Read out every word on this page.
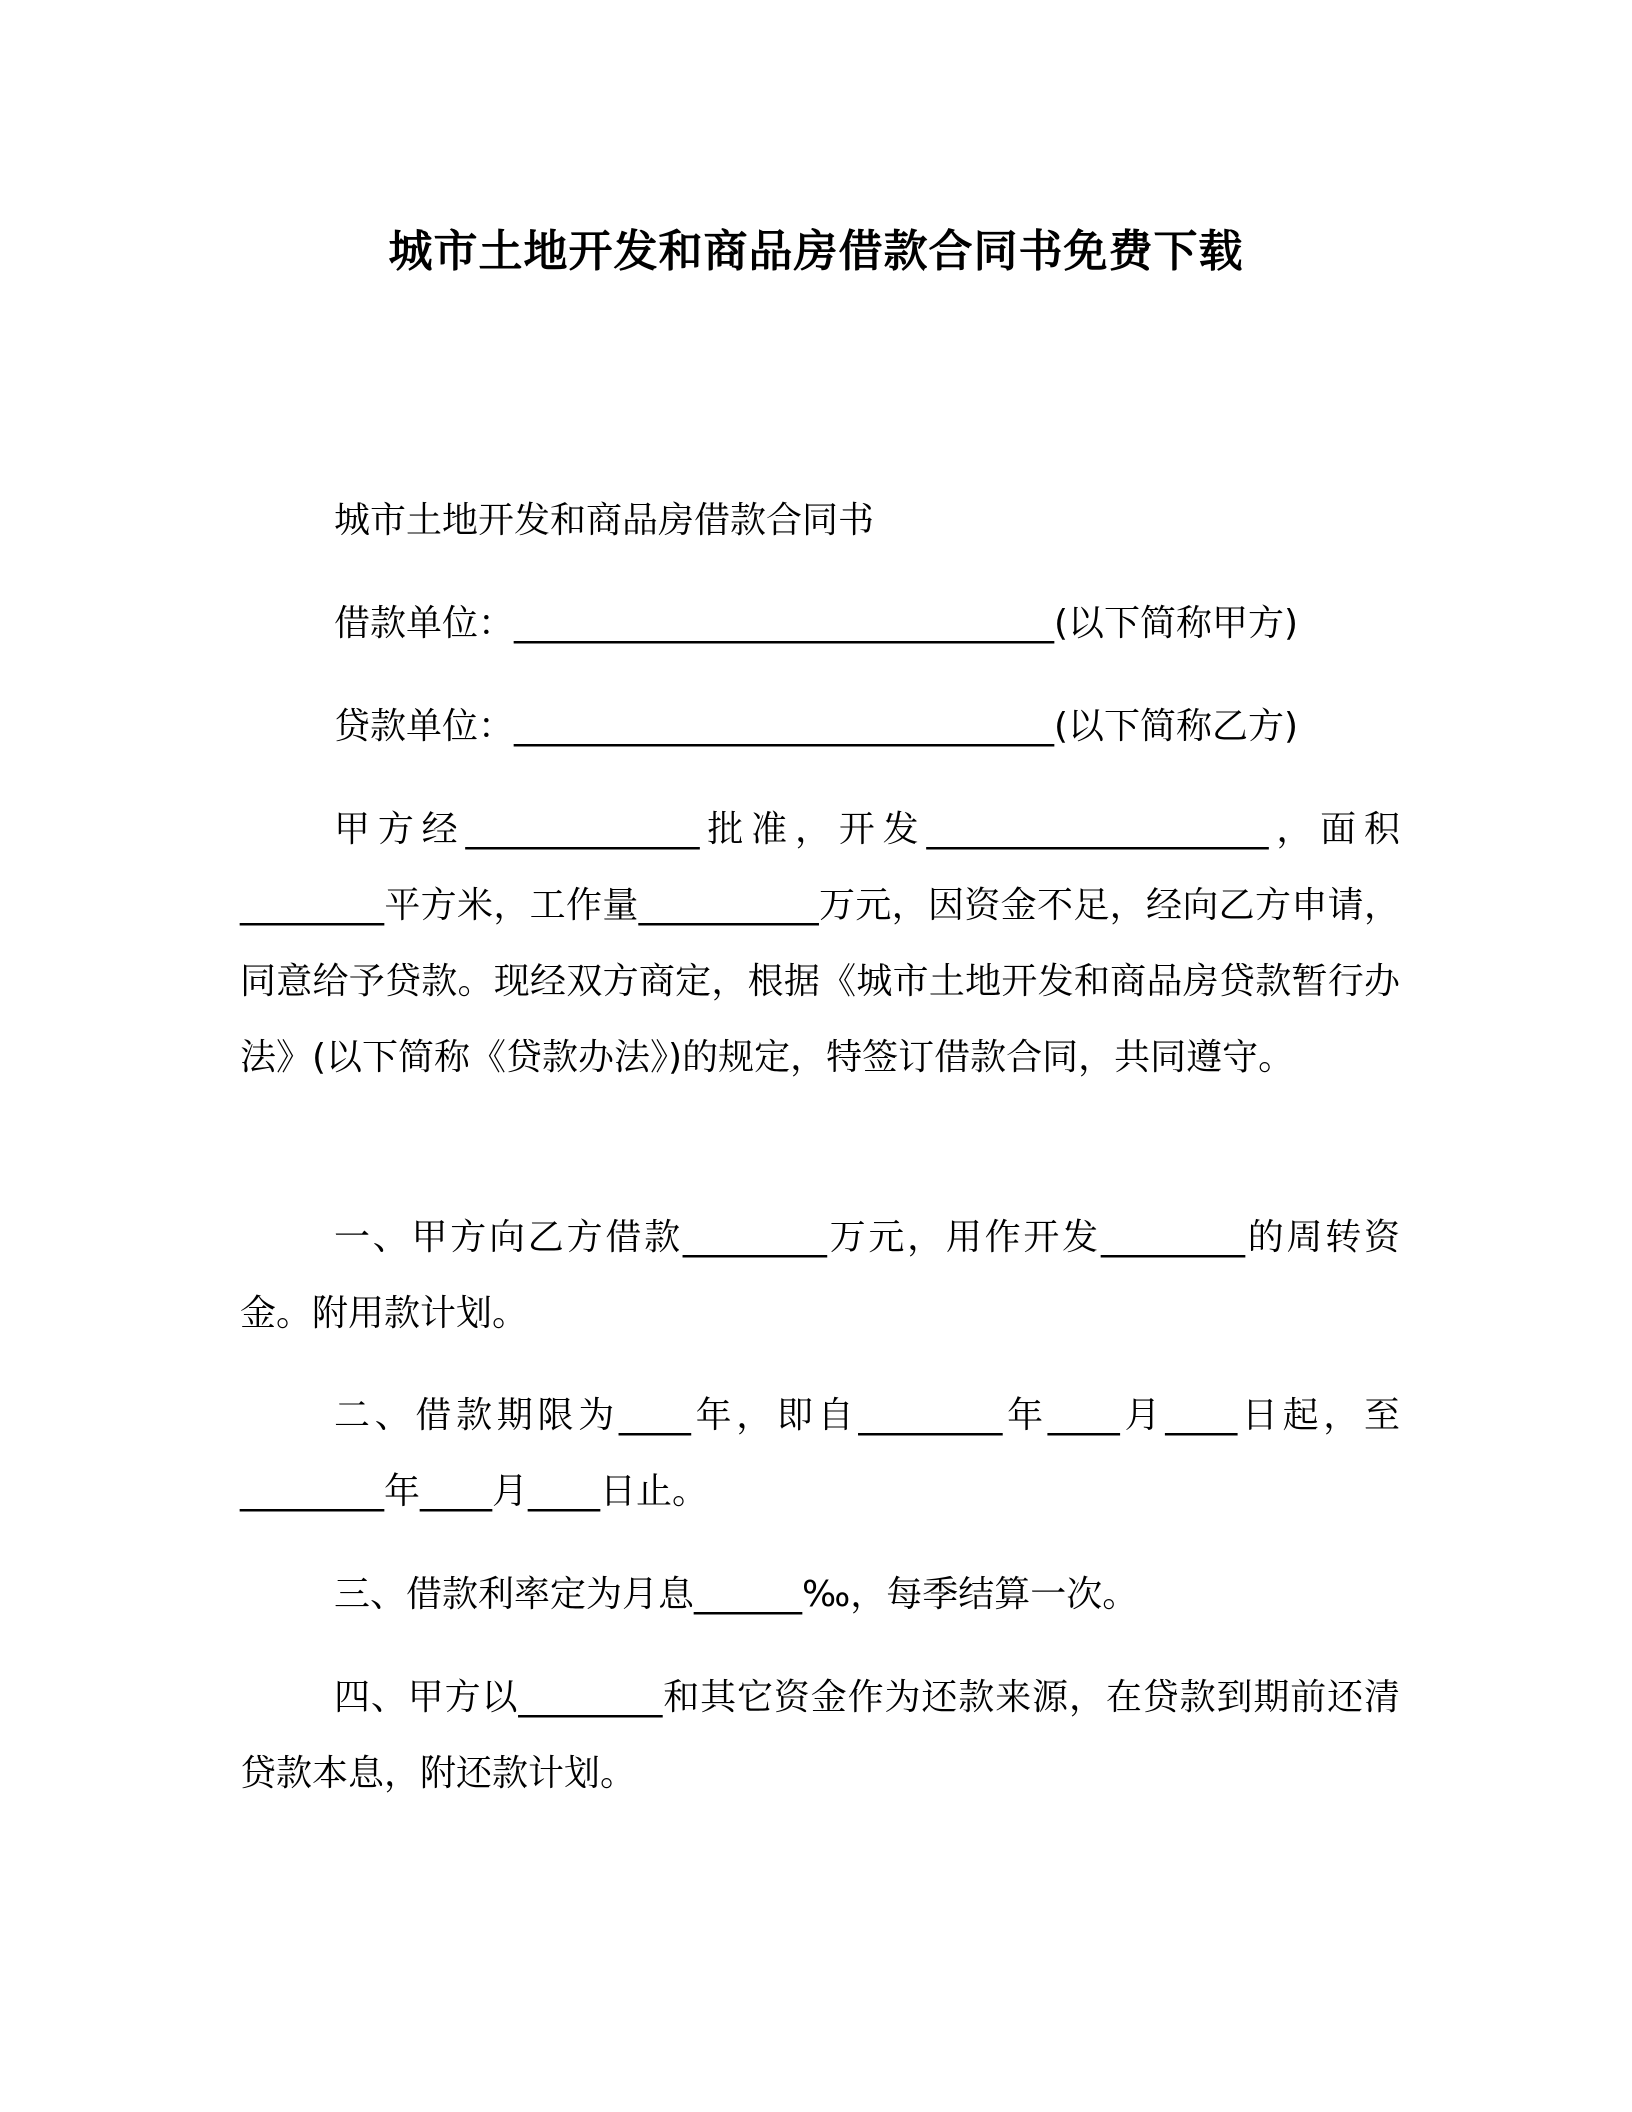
城市土地开发和商品房借款合同书免费下载

城市土地开发和商品房借款合同书

借款单位：______________________________(以下简称甲方)

贷款单位：______________________________(以下简称乙方)

甲方经_____________批准，开发___________________，面积________平方米，工作量__________万元，因资金不足，经向乙方申请，同意给予贷款。现经双方商定，根据《城市土地开发和商品房贷款暂行办法》(以下简称《贷款办法》)的规定，特签订借款合同，共同遵守。

一、甲方向乙方借款________万元，用作开发________的周转资金。附用款计划。

二、借款期限为____年，即自________年____月____日起，至________年____月____日止。

三、借款利率定为月息______‰，每季结算一次。

四、甲方以________和其它资金作为还款来源，在贷款到期前还清贷款本息，附还款计划。
